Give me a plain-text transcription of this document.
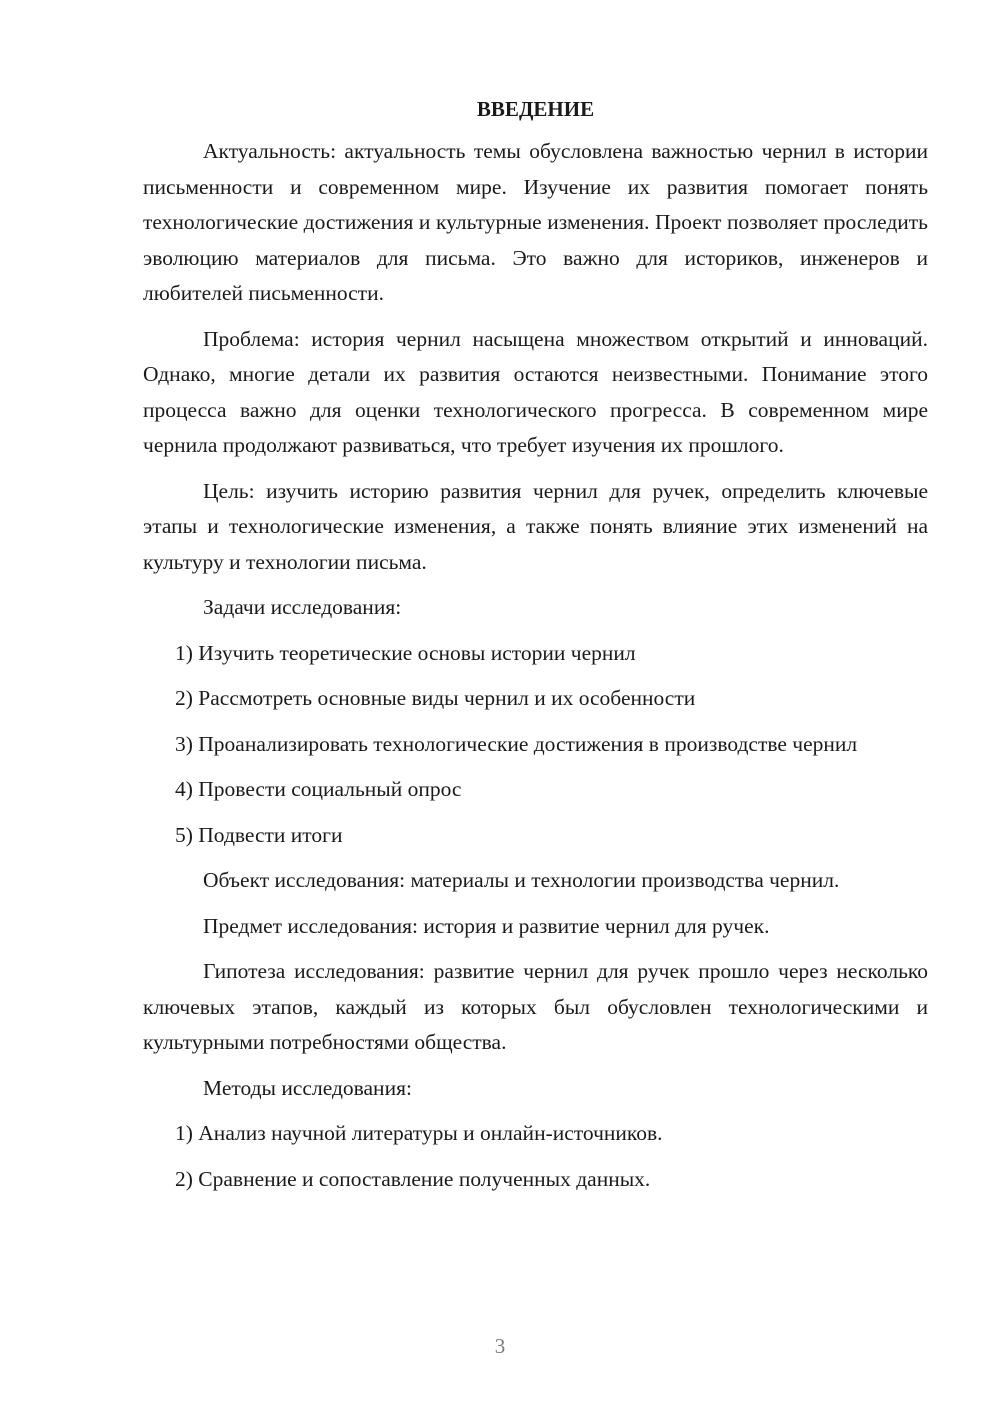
ВВЕДЕНИЕ

Актуальность: актуальность темы обусловлена важностью чернил в истории письменности и современном мире. Изучение их развития помогает понять технологические достижения и культурные изменения. Проект позволяет проследить эволюцию материалов для письма. Это важно для историков, инженеров и любителей письменности.

Проблема: история чернил насыщена множеством открытий и инноваций. Однако, многие детали их развития остаются неизвестными. Понимание этого процесса важно для оценки технологического прогресса. В современном мире чернила продолжают развиваться, что требует изучения их прошлого.

Цель: изучить историю развития чернил для ручек, определить ключевые этапы и технологические изменения, а также понять влияние этих изменений на культуру и технологии письма.

Задачи исследования:

1) Изучить теоретические основы истории чернил

2) Рассмотреть основные виды чернил и их особенности

3) Проанализировать технологические достижения в производстве чернил

4) Провести социальный опрос

5) Подвести итоги

Объект исследования: материалы и технологии производства чернил.

Предмет исследования: история и развитие чернил для ручек.

Гипотеза исследования: развитие чернил для ручек прошло через несколько ключевых этапов, каждый из которых был обусловлен технологическими и культурными потребностями общества.

Методы исследования:

1) Анализ научной литературы и онлайн-источников.

2) Сравнение и сопоставление полученных данных.

3
